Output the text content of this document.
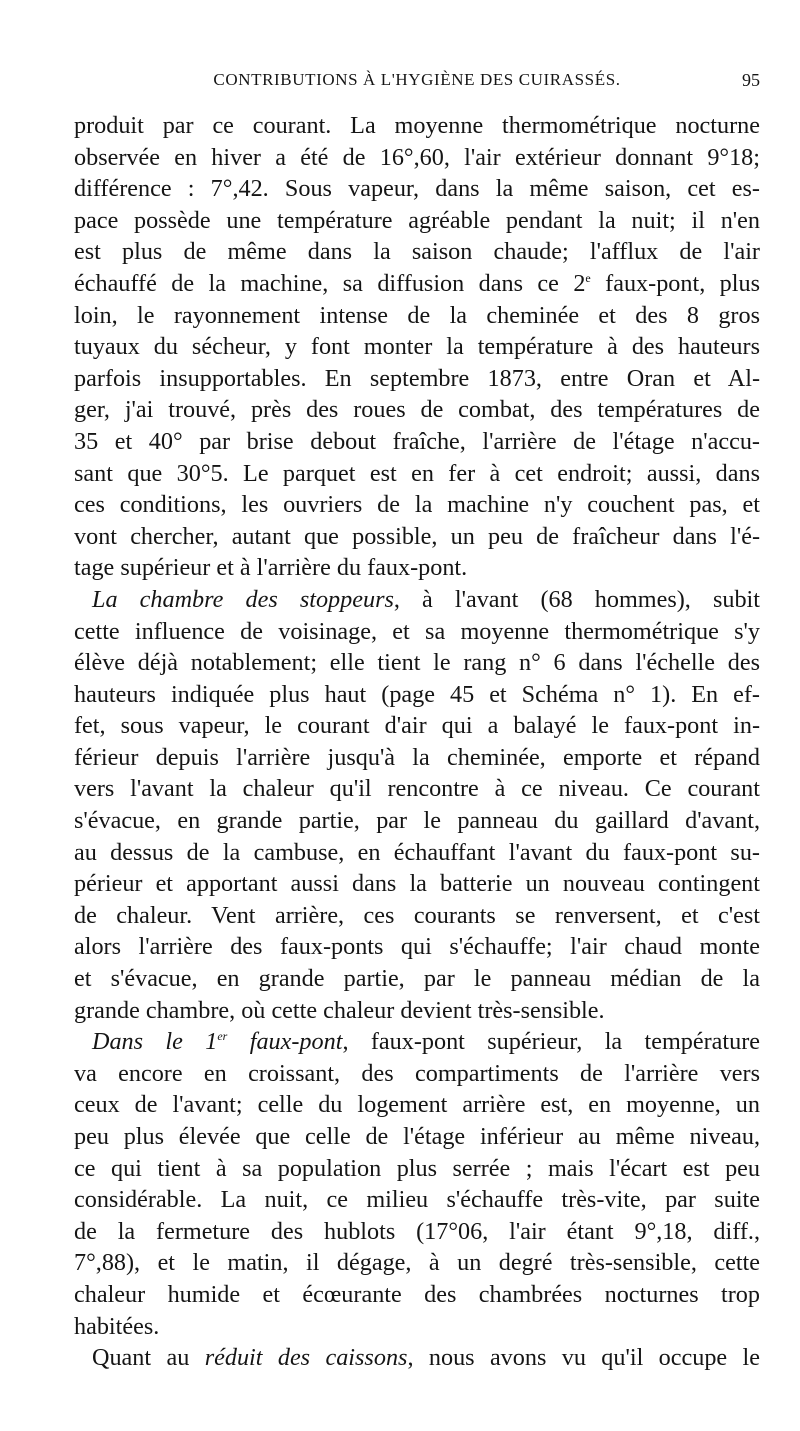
CONTRIBUTIONS À L'HYGIÈNE DES CUIRASSÉS.	95
produit par ce courant. La moyenne thermométrique nocturne
observée en hiver a été de 16°,60, l'air extérieur donnant 9°18;
différence : 7°,42. Sous vapeur, dans la même saison, cet es-
pace possède une température agréable pendant la nuit; il n'en
est plus de même dans la saison chaude; l'afflux de l'air
échauffé de la machine, sa diffusion dans ce 2e faux-pont, plus
loin, le rayonnement intense de la cheminée et des 8 gros
tuyaux du sécheur, y font monter la température à des hauteurs
parfois insupportables. En septembre 1873, entre Oran et Al-
ger, j'ai trouvé, près des roues de combat, des températures de
35 et 40° par brise debout fraîche, l'arrière de l'étage n'accu-
sant que 30°5. Le parquet est en fer à cet endroit; aussi, dans
ces conditions, les ouvriers de la machine n'y couchent pas, et
vont chercher, autant que possible, un peu de fraîcheur dans l'é-
tage supérieur et à l'arrière du faux-pont.
La chambre des stoppeurs, à l'avant (68 hommes), subit
cette influence de voisinage, et sa moyenne thermométrique s'y
élève déjà notablement; elle tient le rang n° 6 dans l'échelle des
hauteurs indiquée plus haut (page 45 et Schéma n° 1). En ef-
fet, sous vapeur, le courant d'air qui a balayé le faux-pont in-
férieur depuis l'arrière jusqu'à la cheminée, emporte et répand
vers l'avant la chaleur qu'il rencontre à ce niveau. Ce courant
s'évacue, en grande partie, par le panneau du gaillard d'avant,
au dessus de la cambuse, en échauffant l'avant du faux-pont su-
périeur et apportant aussi dans la batterie un nouveau contingent
de chaleur. Vent arrière, ces courants se renversent, et c'est
alors l'arrière des faux-ponts qui s'échauffe; l'air chaud monte
et s'évacue, en grande partie, par le panneau médian de la
grande chambre, où cette chaleur devient très-sensible.
Dans le 1er faux-pont, faux-pont supérieur, la température
va encore en croissant, des compartiments de l'arrière vers
ceux de l'avant; celle du logement arrière est, en moyenne, un
peu plus élevée que celle de l'étage inférieur au même niveau,
ce qui tient à sa population plus serrée ; mais l'écart est peu
considérable. La nuit, ce milieu s'échauffe très-vite, par suite
de la fermeture des hublots (17°06, l'air étant 9°,18, diff.,
7°,88), et le matin, il dégage, à un degré très-sensible, cette
chaleur humide et écœurante des chambrées nocturnes trop
habitées.
Quant au réduit des caissons, nous avons vu qu'il occupe le
